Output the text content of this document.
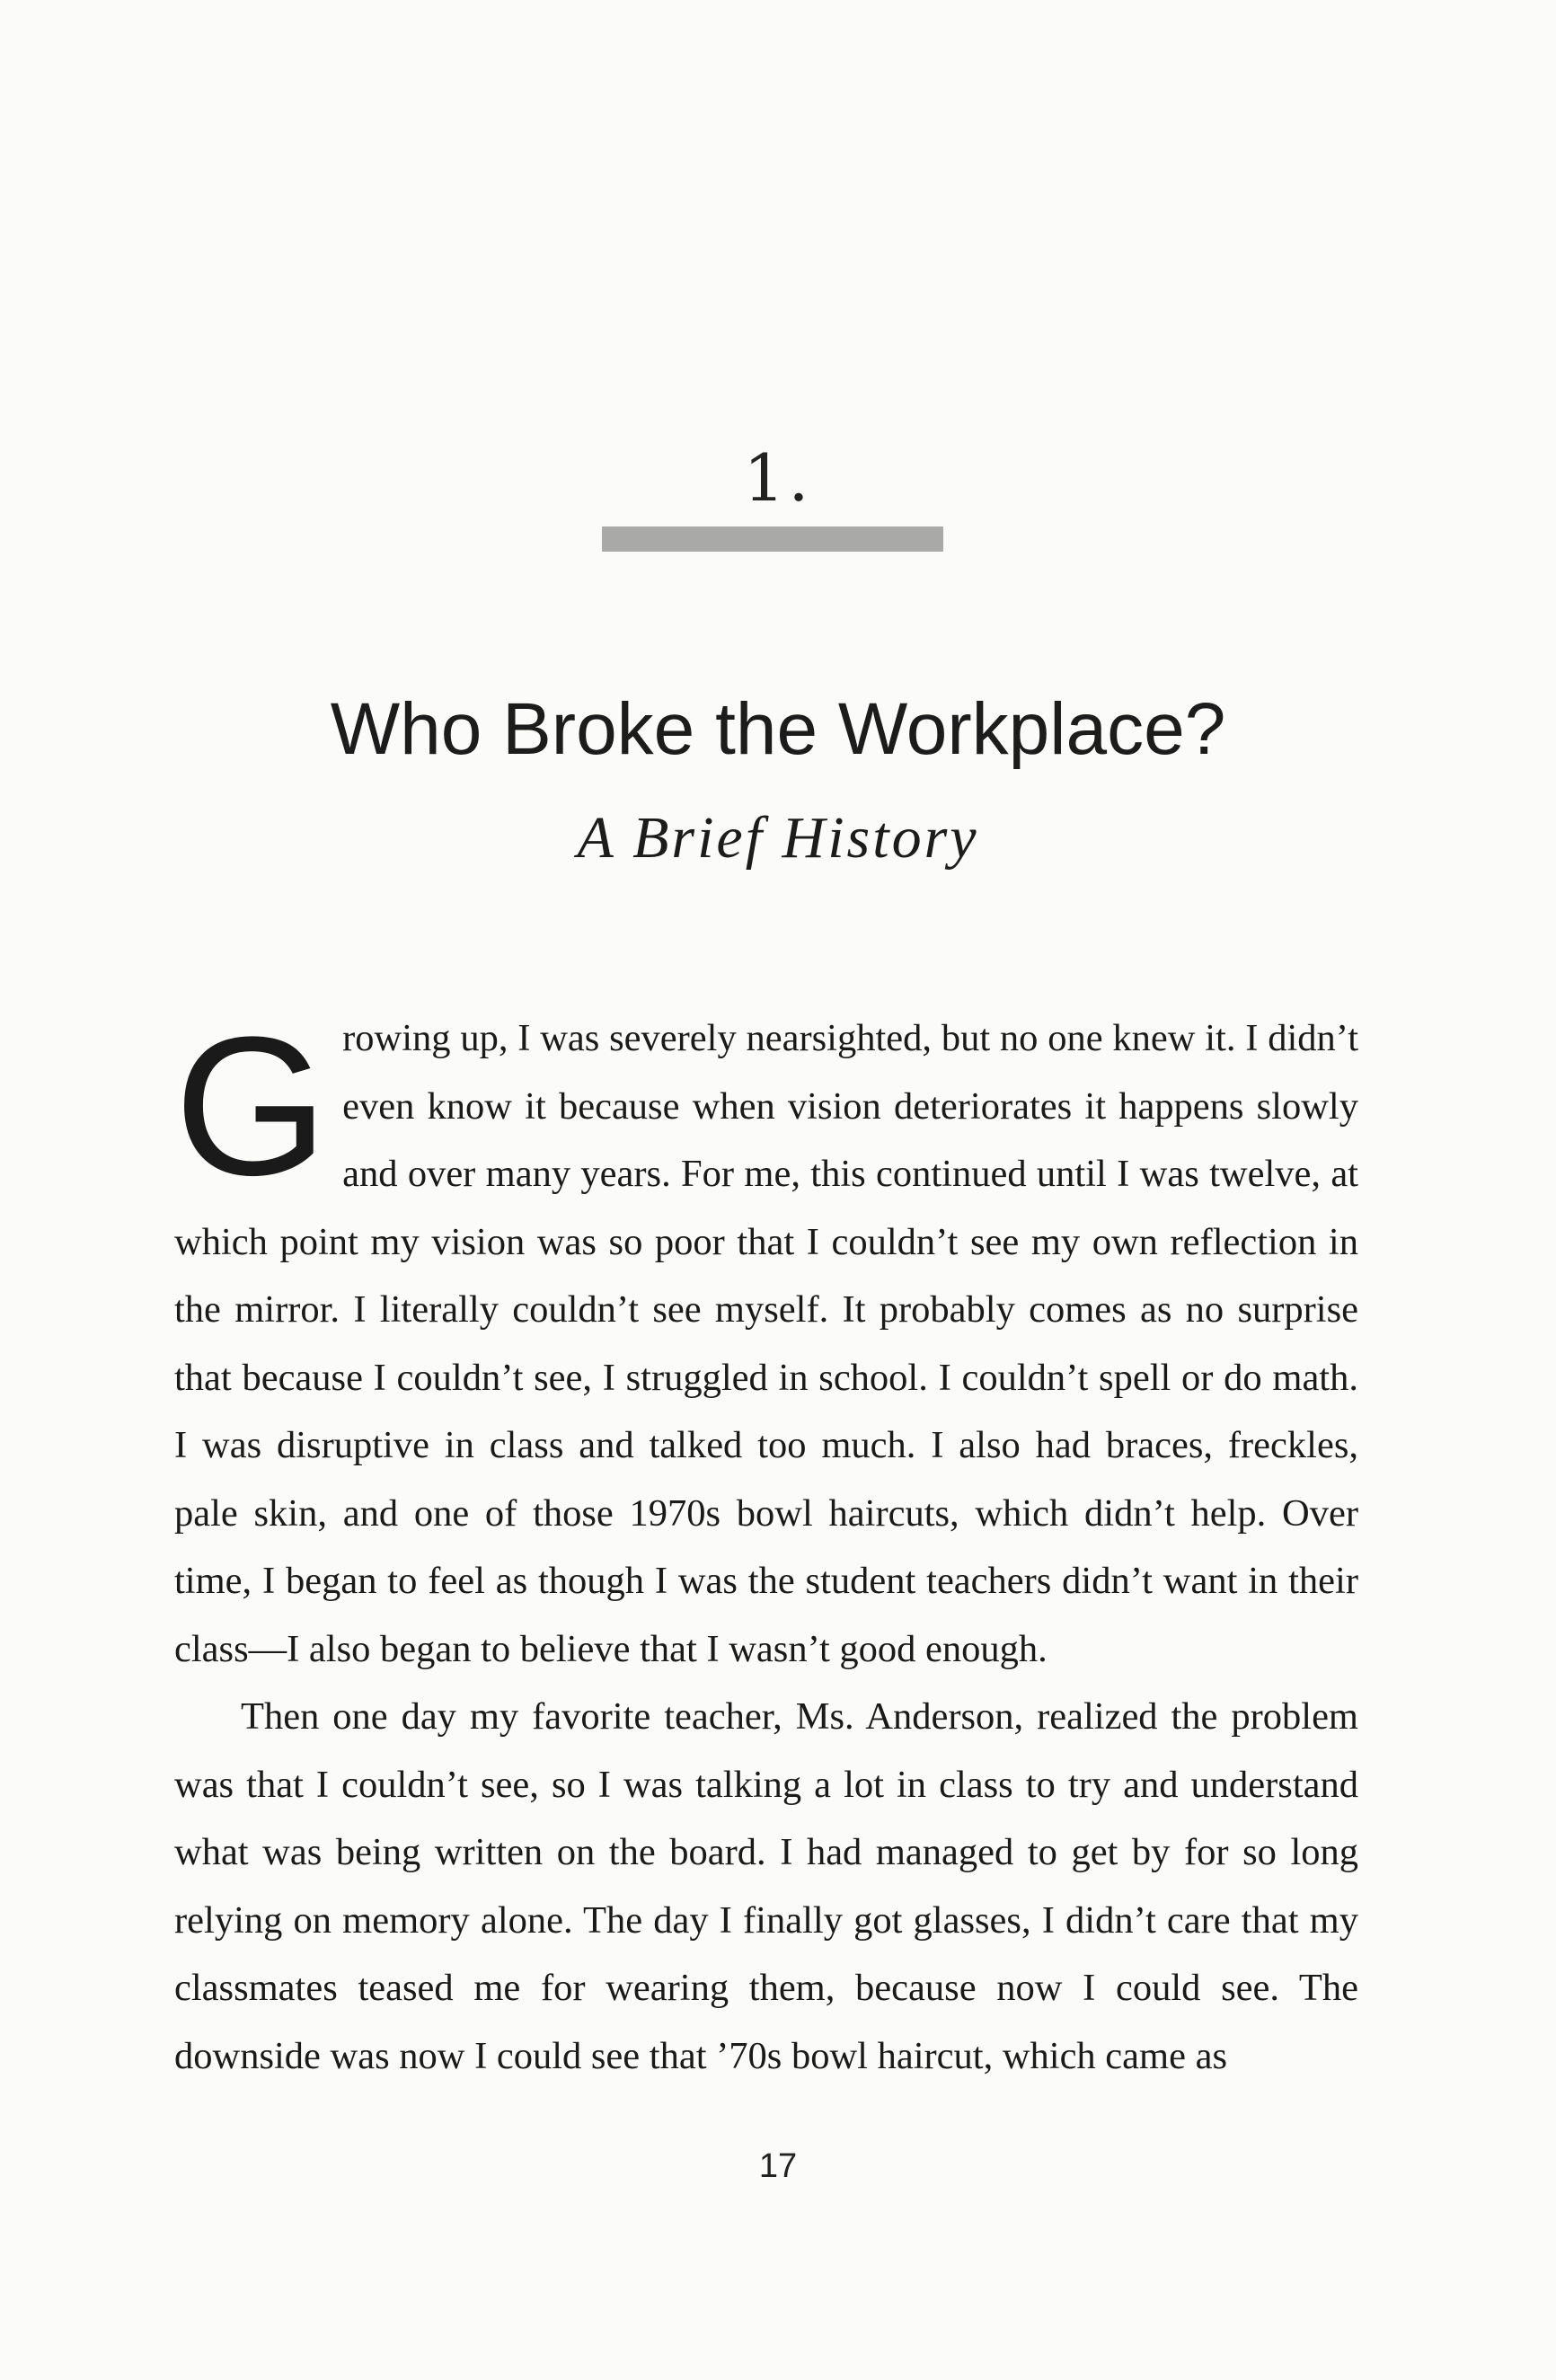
1.
Who Broke the Workplace?
A Brief History

Growing up, I was severely nearsighted, but no one knew it. I didn’t even know it because when vision deteriorates it happens slowly and over many years. For me, this continued until I was twelve, at which point my vision was so poor that I couldn’t see my own reflection in the mirror. I literally couldn’t see myself. It probably comes as no surprise that because I couldn’t see, I struggled in school. I couldn’t spell or do math. I was disruptive in class and talked too much. I also had braces, freckles, pale skin, and one of those 1970s bowl haircuts, which didn’t help. Over time, I began to feel as though I was the student teachers didn’t want in their class—I also began to believe that I wasn’t good enough.

Then one day my favorite teacher, Ms. Anderson, realized the problem was that I couldn’t see, so I was talking a lot in class to try and understand what was being written on the board. I had managed to get by for so long relying on memory alone. The day I finally got glasses, I didn’t care that my classmates teased me for wearing them, because now I could see. The downside was now I could see that ’70s bowl haircut, which came as

17
